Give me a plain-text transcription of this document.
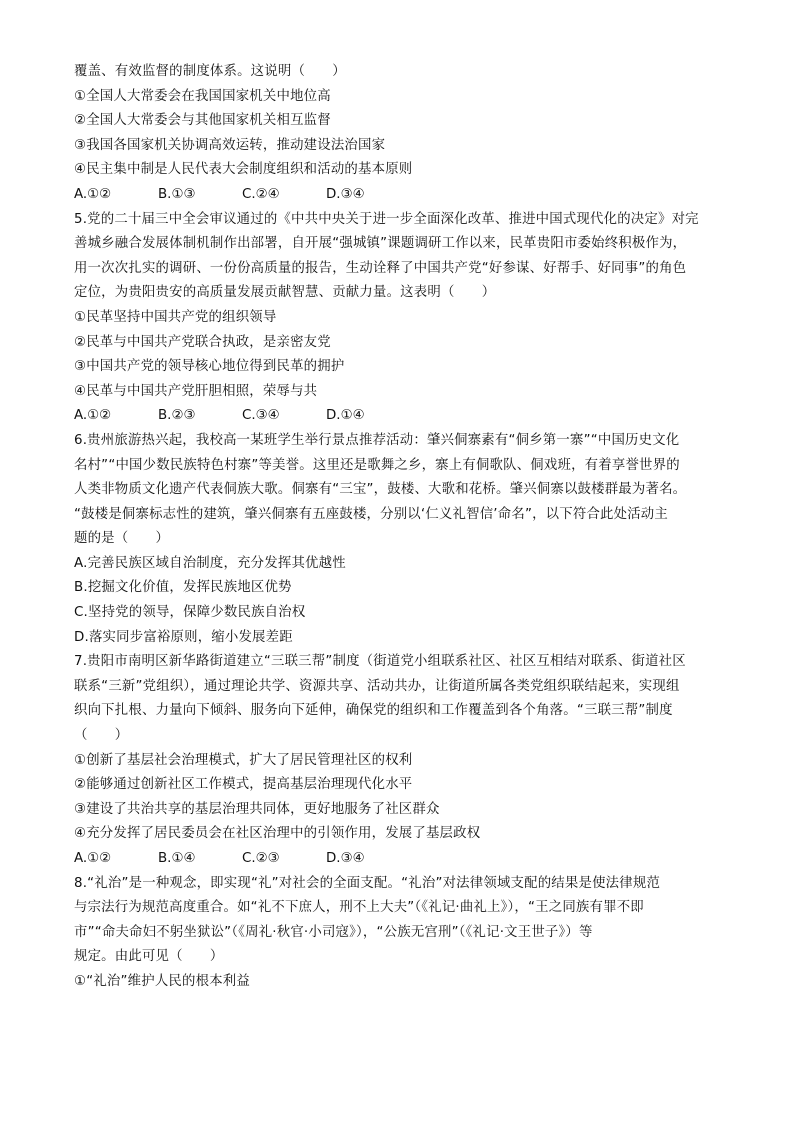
覆盖、有效监督的制度体系。这说明（　　）
①全国人大常委会在我国国家机关中地位高
②全国人大常委会与其他国家机关相互监督
③我国各国家机关协调高效运转，推动建设法治国家
④民主集中制是人民代表大会制度组织和活动的基本原则
A.①②	B.①③	C.②④	D.③④
5.党的二十届三中全会审议通过的《中共中央关于进一步全面深化改革、推进中国式现代化的决定》对完
善城乡融合发展体制机制作出部署，自开展“强城镇”课题调研工作以来，民革贵阳市委始终积极作为，
用一次次扎实的调研、一份份高质量的报告，生动诠释了中国共产党“好参谋、好帮手、好同事”的角色
定位，为贵阳贵安的高质量发展贡献智慧、贡献力量。这表明（　　）
①民革坚持中国共产党的组织领导
②民革与中国共产党联合执政，是亲密友党
③中国共产党的领导核心地位得到民革的拥护
④民革与中国共产党肝胆相照，荣辱与共
A.①②	B.②③	C.③④	D.①④
6.贵州旅游热兴起，我校高一某班学生举行景点推荐活动：肇兴侗寨素有“侗乡第一寨”“中国历史文化
名村”“中国少数民族特色村寨”等美誉。这里还是歌舞之乡，寨上有侗歌队、侗戏班，有着享誉世界的
人类非物质文化遗产代表侗族大歌。侗寨有“三宝”，鼓楼、大歌和花桥。肇兴侗寨以鼓楼群最为著名。
“鼓楼是侗寨标志性的建筑，肇兴侗寨有五座鼓楼，分别以‘仁义礼智信’命名”，以下符合此处活动主
题的是（　　）
A.完善民族区域自治制度，充分发挥其优越性
B.挖掘文化价值，发挥民族地区优势
C.坚持党的领导，保障少数民族自治权
D.落实同步富裕原则，缩小发展差距
7.贵阳市南明区新华路街道建立“三联三帮”制度（街道党小组联系社区、社区互相结对联系、街道社区
联系“三新”党组织），通过理论共学、资源共享、活动共办，让街道所属各类党组织联结起来，实现组
织向下扎根、力量向下倾斜、服务向下延伸，确保党的组织和工作覆盖到各个角落。“三联三帮”制度
（　　）
①创新了基层社会治理模式，扩大了居民管理社区的权利
②能够通过创新社区工作模式，提高基层治理现代化水平
③建设了共治共享的基层治理共同体，更好地服务了社区群众
④充分发挥了居民委员会在社区治理中的引领作用，发展了基层政权
A.①②	B.①④	C.②③	D.③④
8.“礼治”是一种观念，即实现“礼”对社会的全面支配。“礼治”对法律领域支配的结果是使法律规范
与宗法行为规范高度重合。如“礼不下庶人，刑不上大夫”（《礼记·曲礼上》），“王之同族有罪不即
市”“命夫命妇不躬坐狱讼”（《周礼·秋官·小司寇》），“公族无宫刑”（《礼记·文王世子》）等
规定。由此可见（　　）
①“礼治”维护人民的根本利益
